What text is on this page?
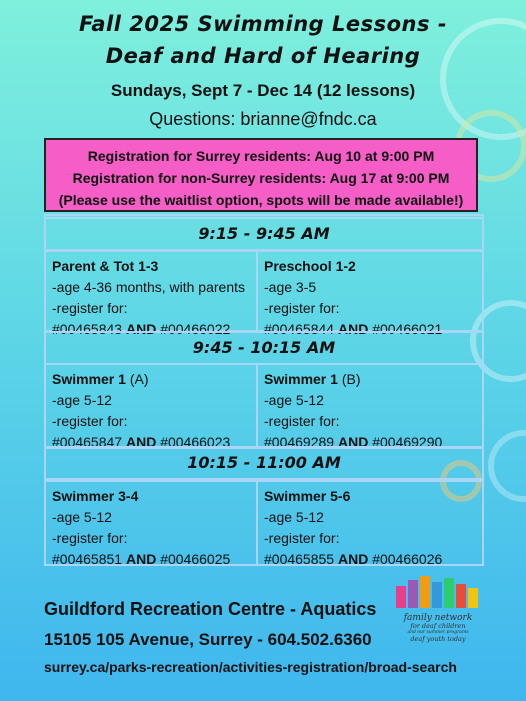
Fall 2025 Swimming Lessons -
Deaf and Hard of Hearing
Sundays, Sept 7 - Dec 14 (12 lessons)
Questions: brianne@fndc.ca
Registration for Surrey residents: Aug 10 at 9:00 PM
Registration for non-Surrey residents: Aug 17 at 9:00 PM
(Please use the waitlist option, spots will be made available!)
9:15 - 9:45 AM
Parent & Tot 1-3
-age 4-36 months, with parents
-register for:
#00465843 AND #00466022
Preschool 1-2
-age 3-5
-register for:
#00465844 AND #00466021
9:45 - 10:15 AM
Swimmer 1 (A)
-age 5-12
-register for:
#00465847 AND #00466023
Swimmer 1 (B)
-age 5-12
-register for:
#00469289 AND #00469290
10:15 - 11:00 AM
Swimmer 3-4
-age 5-12
-register for:
#00465851 AND #00466025
Swimmer 5-6
-age 5-12
-register for:
#00465855 AND #00466026
Guildford Recreation Centre - Aquatics
15105 105 Avenue, Surrey - 604.502.6360
surrey.ca/parks-recreation/activities-registration/broad-search
family network
for deaf children
and our summer programs
deaf youth today
